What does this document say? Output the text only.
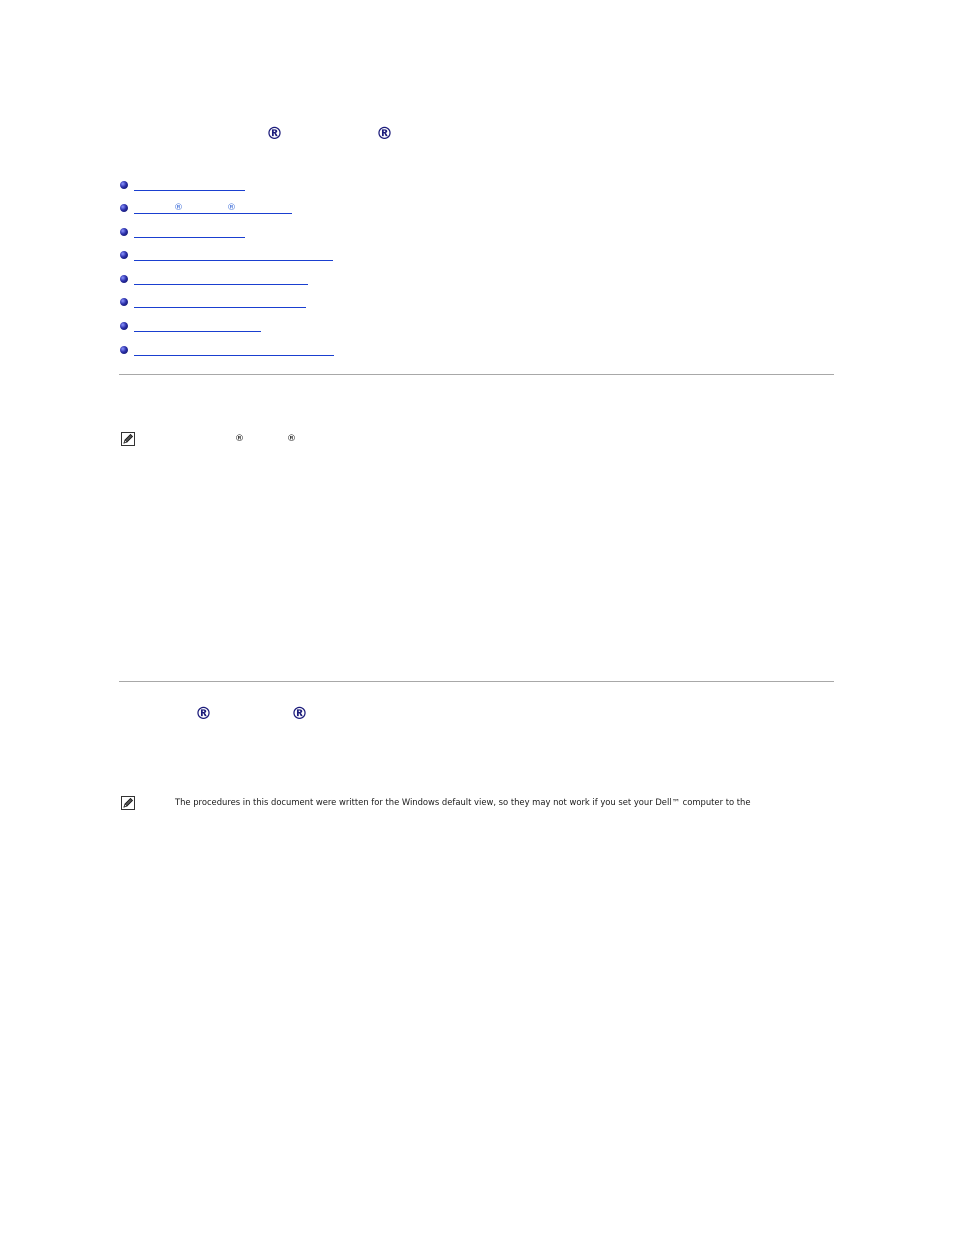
®	®
®	®
®	®
®	®
The procedures in this document were written for the Windows default view, so they may not work if you set your Dell™ computer to the
